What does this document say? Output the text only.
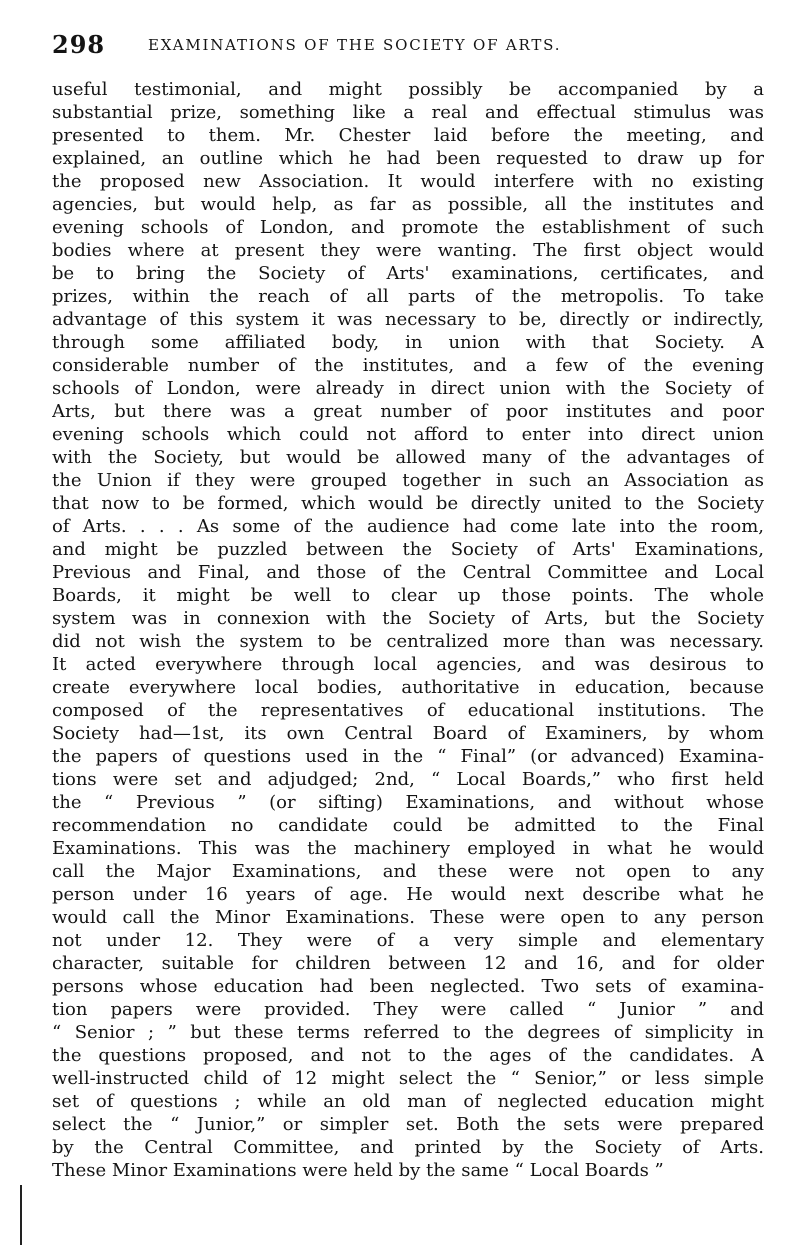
298	EXAMINATIONS OF THE SOCIETY OF ARTS.
useful testimonial, and might possibly be accompanied by a
substantial prize, something like a real and effectual stimulus was
presented to them. Mr. Chester laid before the meeting, and
explained, an outline which he had been requested to draw up for
the proposed new Association. It would interfere with no existing
agencies, but would help, as far as possible, all the institutes and
evening schools of London, and promote the establishment of such
bodies where at present they were wanting. The first object would
be to bring the Society of Arts' examinations, certificates, and
prizes, within the reach of all parts of the metropolis. To take
advantage of this system it was necessary to be, directly or indirectly,
through some affiliated body, in union with that Society. A
considerable number of the institutes, and a few of the evening
schools of London, were already in direct union with the Society of
Arts, but there was a great number of poor institutes and poor
evening schools which could not afford to enter into direct union
with the Society, but would be allowed many of the advantages of
the Union if they were grouped together in such an Association as
that now to be formed, which would be directly united to the Society
of Arts. . . . As some of the audience had come late into the room,
and might be puzzled between the Society of Arts' Examinations,
Previous and Final, and those of the Central Committee and Local
Boards, it might be well to clear up those points. The whole
system was in connexion with the Society of Arts, but the Society
did not wish the system to be centralized more than was necessary.
It acted everywhere through local agencies, and was desirous to
create everywhere local bodies, authoritative in education, because
composed of the representatives of educational institutions. The
Society had—1st, its own Central Board of Examiners, by whom
the papers of questions used in the “ Final” (or advanced) Examina-
tions were set and adjudged; 2nd, “ Local Boards,” who first held
the “ Previous ” (or sifting) Examinations, and without whose
recommendation no candidate could be admitted to the Final
Examinations. This was the machinery employed in what he would
call the Major Examinations, and these were not open to any
person under 16 years of age. He would next describe what he
would call the Minor Examinations. These were open to any person
not under 12. They were of a very simple and elementary
character, suitable for children between 12 and 16, and for older
persons whose education had been neglected. Two sets of examina-
tion papers were provided. They were called “ Junior ” and
“ Senior ; ” but these terms referred to the degrees of simplicity in
the questions proposed, and not to the ages of the candidates. A
well-instructed child of 12 might select the “ Senior,” or less simple
set of questions ; while an old man of neglected education might
select the “ Junior,” or simpler set. Both the sets were prepared
by the Central Committee, and printed by the Society of Arts.
These Minor Examinations were held by the same “ Local Boards ”
